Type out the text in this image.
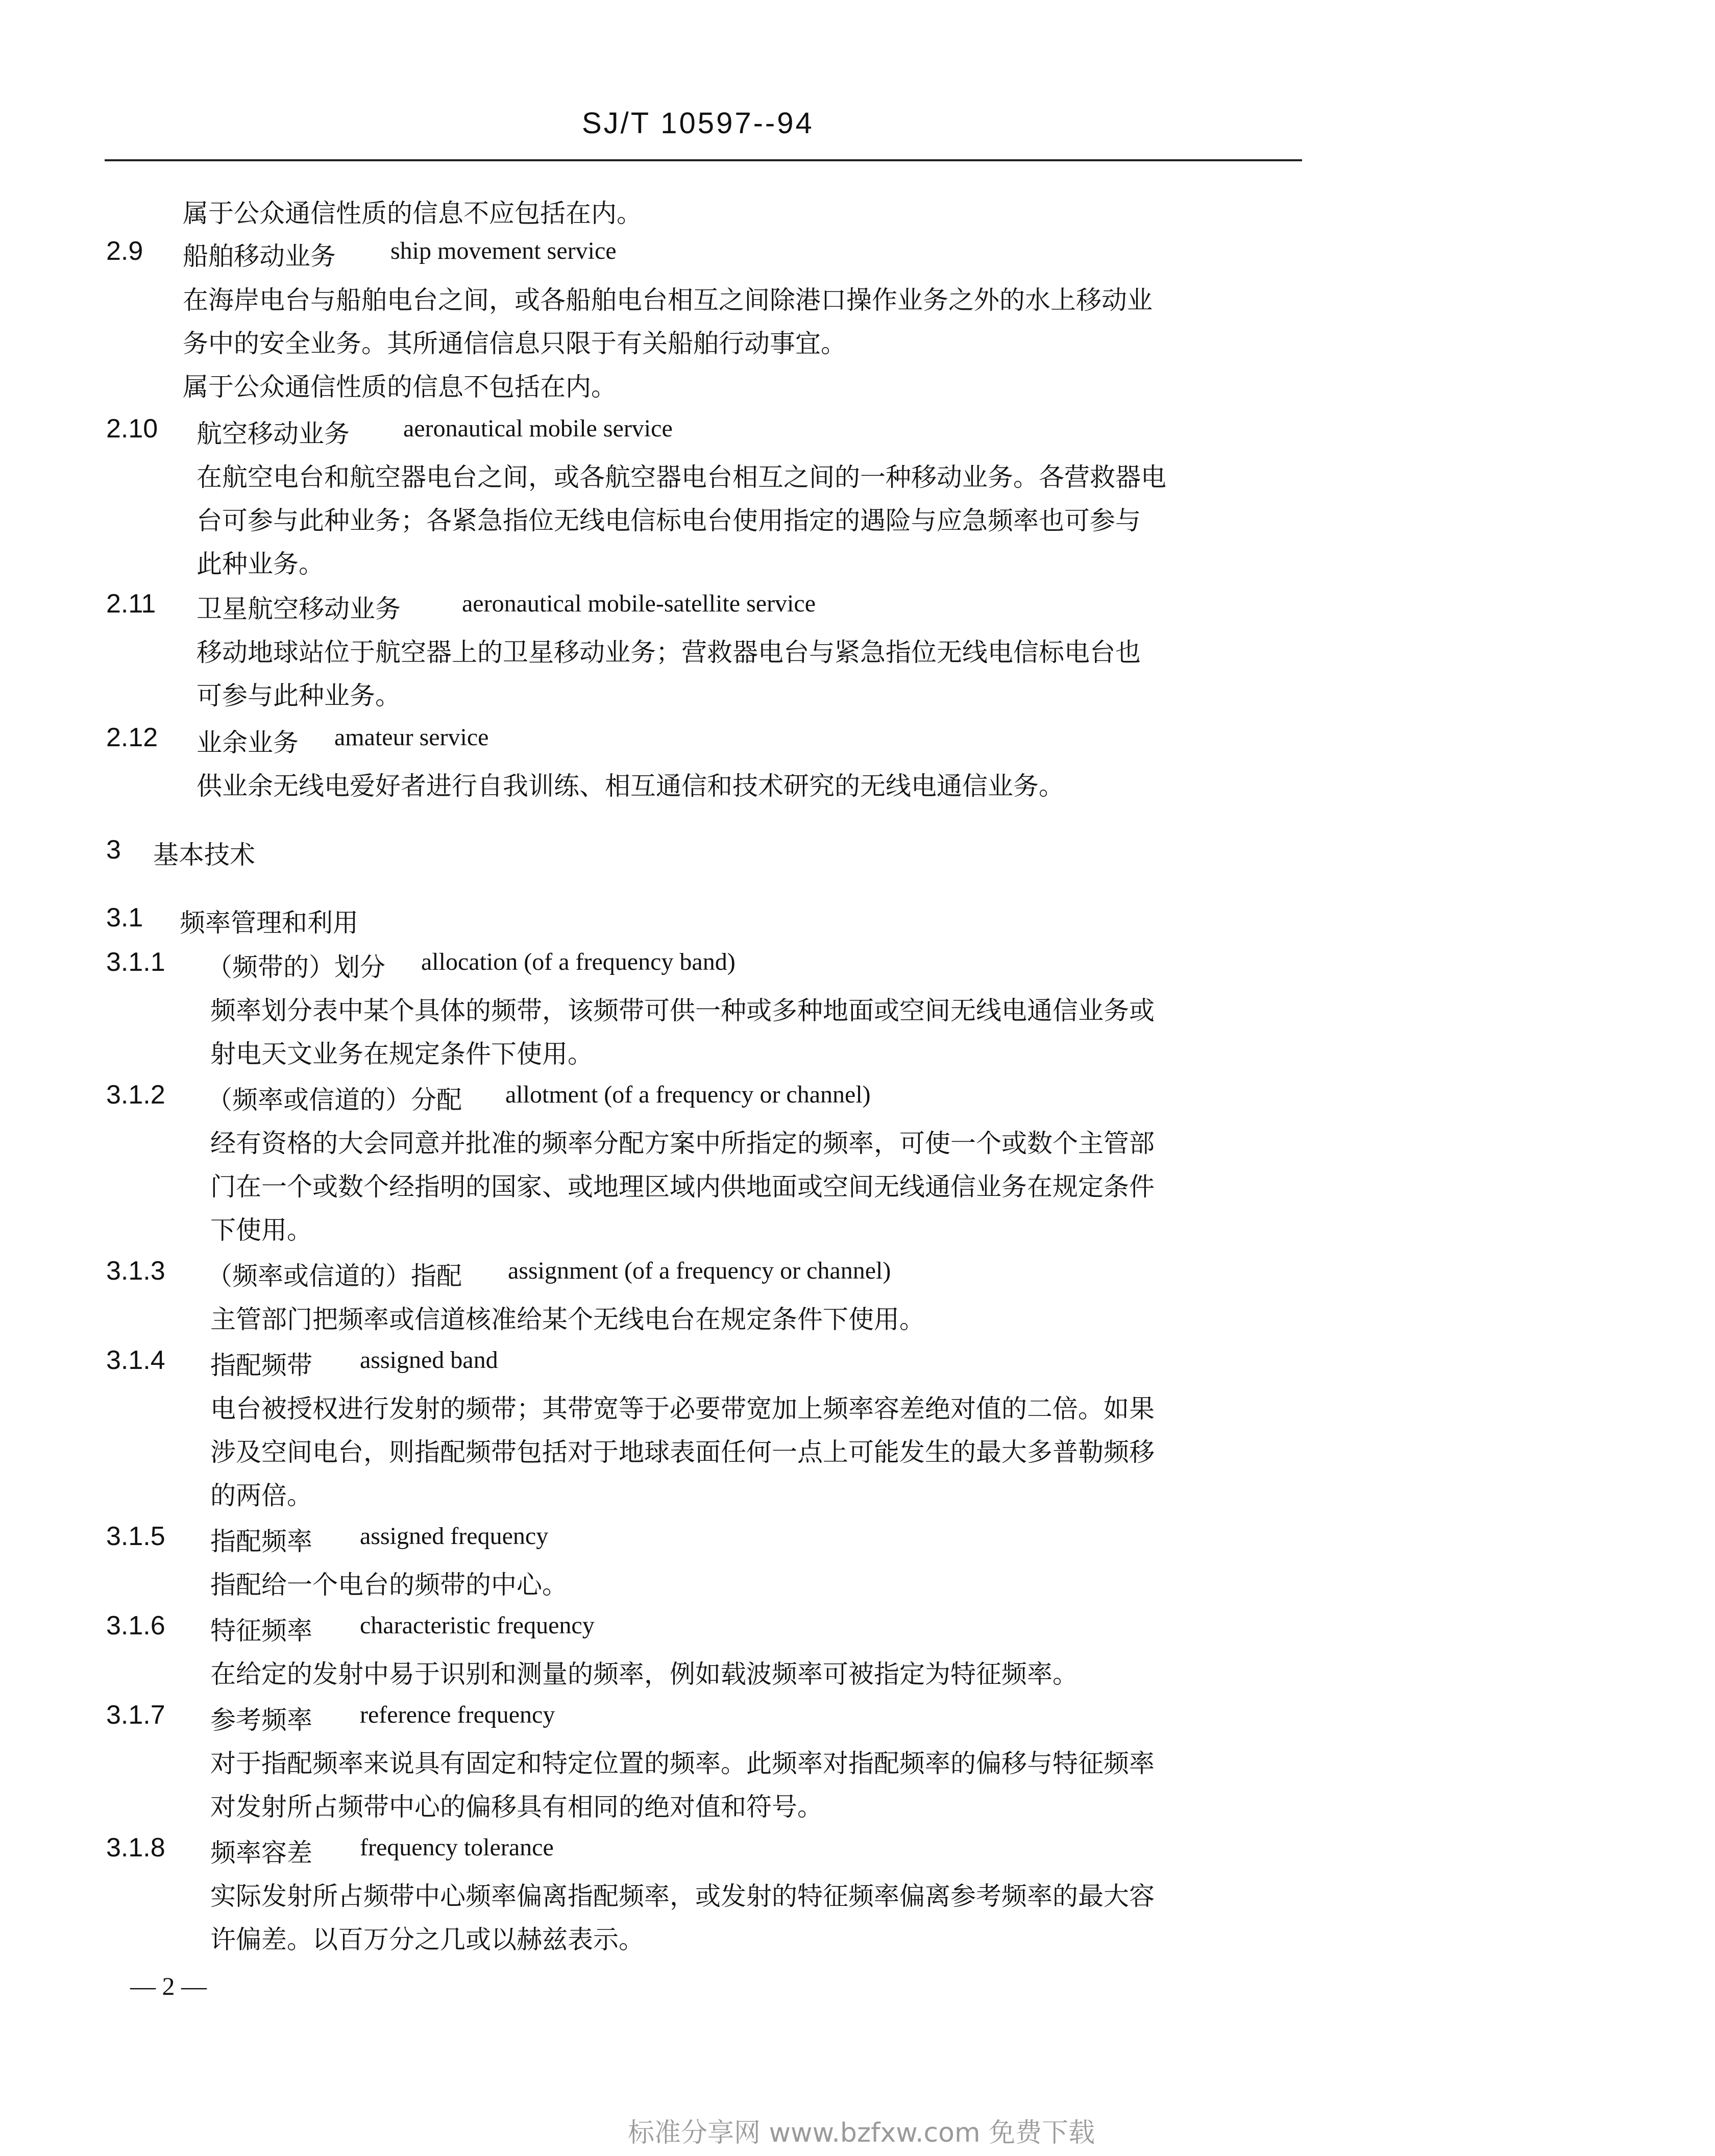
SJ/T 10597--94
属于公众通信性质的信息不应包括在内。
2.9 船舶移动业务 ship movement service
在海岸电台与船舶电台之间，或各船舶电台相互之间除港口操作业务之外的水上移动业
务中的安全业务。其所通信信息只限于有关船舶行动事宜。
属于公众通信性质的信息不包括在内。
2.10 航空移动业务 aeronautical mobile service
在航空电台和航空器电台之间，或各航空器电台相互之间的一种移动业务。各营救器电
台可参与此种业务；各紧急指位无线电信标电台使用指定的遇险与应急频率也可参与
此种业务。
2.11 卫星航空移动业务	aeronautical mobile-satellite service
移动地球站位于航空器上的卫星移动业务；营救器电台与紧急指位无线电信标电台也
可参与此种业务。
2.12 业余业务 amateur service
供业余无线电爱好者进行自我训练、相互通信和技术研究的无线电通信业务。
3 基本技术
3.1 频率管理和利用
3.1.1 （频带的）划分 allocation (of a frequency band)
频率划分表中某个具体的频带，该频带可供一种或多种地面或空间无线电通信业务或
射电天文业务在规定条件下使用。
3.1.2 （频率或信道的）分配 allotment (of a frequency or channel)
经有资格的大会同意并批准的频率分配方案中所指定的频率，可使一个或数个主管部
门在一个或数个经指明的国家、或地理区域内供地面或空间无线通信业务在规定条件
下使用。
3.1.3 （频率或信道的）指配 assignment (of a frequency or channel)
主管部门把频率或信道核准给某个无线电台在规定条件下使用。
3.1.4 指配频带 assigned band
电台被授权进行发射的频带；其带宽等于必要带宽加上频率容差绝对值的二倍。如果
涉及空间电台，则指配频带包括对于地球表面任何一点上可能发生的最大多普勒频移
的两倍。
3.1.5 指配频率 assigned frequency
指配给一个电台的频带的中心。
3.1.6 特征频率 characteristic frequency
在给定的发射中易于识别和测量的频率，例如载波频率可被指定为特征频率。
3.1.7 参考频率 reference frequency
对于指配频率来说具有固定和特定位置的频率。此频率对指配频率的偏移与特征频率
对发射所占频带中心的偏移具有相同的绝对值和符号。
3.1.8 频率容差 frequency tolerance
实际发射所占频带中心频率偏离指配频率，或发射的特征频率偏离参考频率的最大容
许偏差。以百万分之几或以赫兹表示。
— 2 —
标准分享网 www.bzfxw.com 免费下载
